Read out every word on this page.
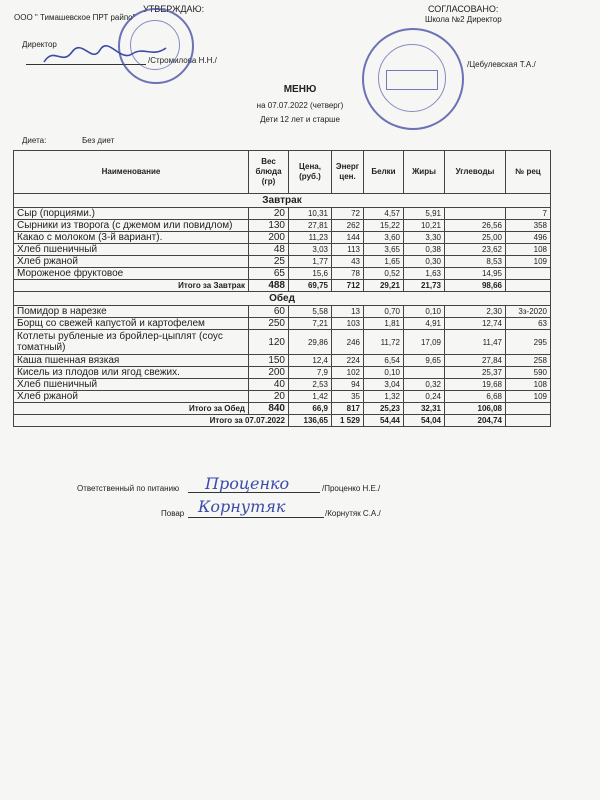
УТВЕРЖДАЮ:
ООО " Тимашевское ПРТ райпо"
Директор
/Стромилова Н.Н./
СОГЛАСОВАНО:
Школа №2 Директор
/Цебулевская Т.А./

МЕНЮ
на 07.07.2022 (четверг)
Дети 12 лет и старше
Диета:	Без диет
Наименование	Вес блюда (гр)	Цена, (руб.)	Энерг цен.	Белки	Жиры	Углеводы	№ рец
Завтрак							
Сыр (порциями.)	20	10,31	72	4,57	5,91		7
Сырники из творога (с джемом или повидлом)	130	27,81	262	15,22	10,21	26,56	358
Какао с молоком (3-й вариант).	200	11,23	144	3,60	3,30	25,00	496
Хлеб пшеничный	48	3,03	113	3,65	0,38	23,62	108
Хлеб ржаной	25	1,77	43	1,65	0,30	8,53	109
Мороженое фруктовое	65	15,6	78	0,52	1,63	14,95	
Итого за Завтрак	488	69,75	712	29,21	21,73	98,66	
Обед							
Помидор в нарезке	60	5,58	13	0,70	0,10	2,30	3з-2020
Борщ со свежей капустой и картофелем	250	7,21	103	1,81	4,91	12,74	63
Котлеты рубленые из бройлер-цыплят (соус томатный)	120	29,86	246	11,72	17,09	11,47	295
Каша пшенная вязкая	150	12,4	224	6,54	9,65	27,84	258
Кисель из плодов или ягод свежих.	200	7,9	102	0,10		25,37	590
Хлеб пшеничный	40	2,53	94	3,04	0,32	19,68	108
Хлеб ржаной	20	1,42	35	1,32	0,24	6,68	109
Итого за Обед	840	66,9	817	25,23	32,31	106,08	
Итого за 07.07.2022		136,65	1 529	54,44	54,04	204,74	
Ответственный по питанию Проценко	/Проценко Н.Е./
Повар Корнутяк	/Корнутяк С.А./
